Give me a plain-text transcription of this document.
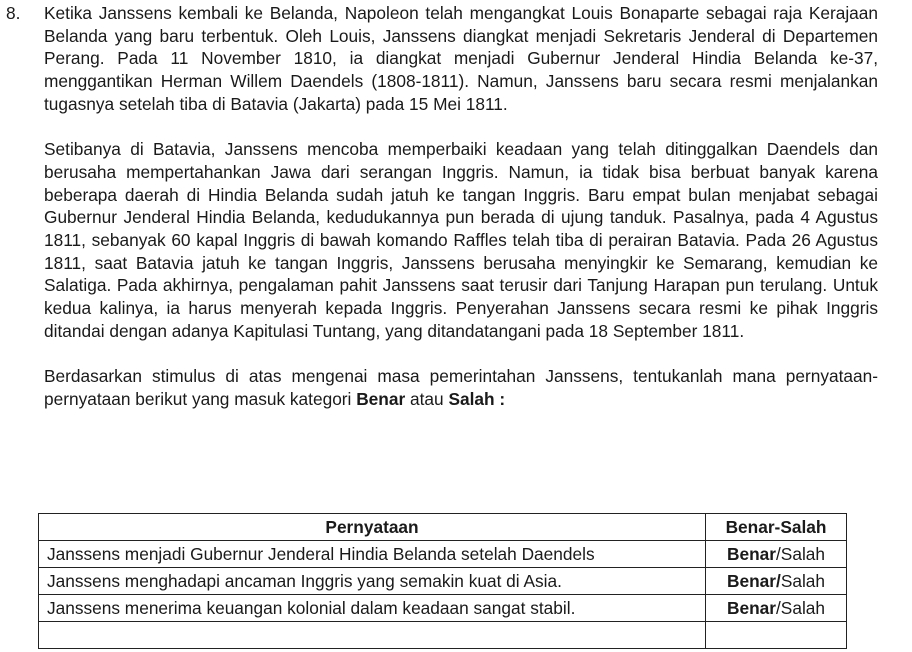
8. Ketika Janssens kembali ke Belanda, Napoleon telah mengangkat Louis Bonaparte sebagai raja Kerajaan Belanda yang baru terbentuk. Oleh Louis, Janssens diangkat menjadi Sekretaris Jenderal di Departemen Perang. Pada 11 November 1810, ia diangkat menjadi Gubernur Jenderal Hindia Belanda ke-37, menggantikan Herman Willem Daendels (1808-1811). Namun, Janssens baru secara resmi menjalankan tugasnya setelah tiba di Batavia (Jakarta) pada 15 Mei 1811.

Setibanya di Batavia, Janssens mencoba memperbaiki keadaan yang telah ditinggalkan Daendels dan berusaha mempertahankan Jawa dari serangan Inggris. Namun, ia tidak bisa berbuat banyak karena beberapa daerah di Hindia Belanda sudah jatuh ke tangan Inggris. Baru empat bulan menjabat sebagai Gubernur Jenderal Hindia Belanda, kedudukannya pun berada di ujung tanduk. Pasalnya, pada 4 Agustus 1811, sebanyak 60 kapal Inggris di bawah komando Raffles telah tiba di perairan Batavia. Pada 26 Agustus 1811, saat Batavia jatuh ke tangan Inggris, Janssens berusaha menyingkir ke Semarang, kemudian ke Salatiga. Pada akhirnya, pengalaman pahit Janssens saat terusir dari Tanjung Harapan pun terulang. Untuk kedua kalinya, ia harus menyerah kepada Inggris. Penyerahan Janssens secara resmi ke pihak Inggris ditandai dengan adanya Kapitulasi Tuntang, yang ditandatangani pada 18 September 1811.

Berdasarkan stimulus di atas mengenai masa pemerintahan Janssens, tentukanlah mana pernyataan-pernyataan berikut yang masuk kategori Benar atau Salah :

Pernyataan	Benar-Salah
Janssens menjadi Gubernur Jenderal Hindia Belanda setelah Daendels	Benar/Salah
Janssens menghadapi ancaman Inggris yang semakin kuat di Asia.	Benar/Salah
Janssens menerima keuangan kolonial dalam keadaan sangat stabil.	Benar/Salah
